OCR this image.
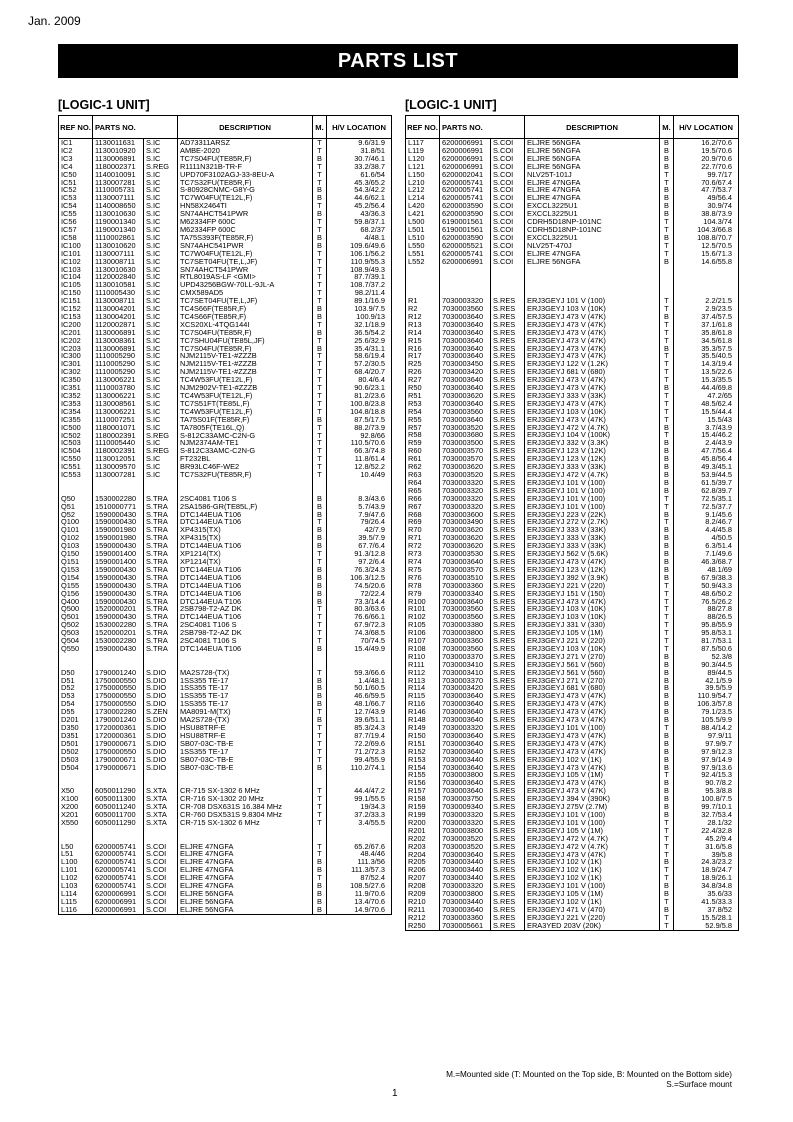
Jan. 2009
PARTS LIST
[LOGIC-1 UNIT]	[LOGIC-1 UNIT]
REF NO.	PARTS NO.		DESCRIPTION	M.	H/V LOCATION
IC1	1130011631	S.IC	AD73311ARSZ	T	9.6/31.9
IC2	1130010920	S.IC	AMBE-2020	T	31.8/51
IC3	1130006891	S.IC	TC7S04FU(TE85R,F)	B	30.7/46.1
IC4	1180002371	S.REG	R1111N321B-TR-F	T	33.2/38.7
IC50	1140010091	S.IC	UPD70F3102AGJ-33-8EU-A	T	61.6/54
IC51	1130007281	S.IC	TC7S32FU(TE85R,F)	T	45.3/65.2
IC52	1110005731	S.IC	S-80928CNMC-G8Y-G	B	54.3/42.2
IC53	1130007111	S.IC	TC7W04FU(TE12L,F)	B	44.6/62.1
IC54	1140008650	S.IC	HN58X2464TI	T	45.2/56.4
IC55	1130010630	S.IC	SN74AHCT541PWR	B	43/36.3
IC56	1190001340	S.IC	M62334FP 600C	T	59.8/37.1
IC57	1190001340	S.IC	M62334FP 600C	T	68.2/37
IC58	1110002861	S.IC	TA75S393F(TE85R,F)	B	4/48.1
IC100	1130010620	S.IC	SN74AHC541PWR	B	109.6/49.6
IC101	1130007111	S.IC	TC7W04FU(TE12L,F)	T	106.1/56.2
IC102	1130008711	S.IC	TC7SET04FU(TE,L,JF)	T	110.9/55.3
IC103	1130010630	S.IC	SN74AHCT541PWR	T	108.9/49.3
IC104	1120002840	S.IC	RTL8019AS-LF <GMI>	T	87.7/39.1
IC105	1130010581	S.IC	UPD43256BGW-70LL-9JL-A	T	108.7/37.2
IC150	1110005430	S.IC	CMX589AD5	T	98.2/11.4
IC151	1130008711	S.IC	TC7SET04FU(TE,L,JF)	T	89.1/16.9
IC152	1130004201	S.IC	TC4S66F(TE85R,F)	B	103.9/7.5
IC153	1130004201	S.IC	TC4S66F(TE85R,F)	B	100.9/13
IC200	1120002871	S.IC	XCS20XL-4TQG144I	T	32.1/18.9
IC201	1130006891	S.IC	TC7S04FU(TE85R,F)	B	36.5/54.2
IC202	1130008361	S.IC	TC7SHU04FU(TE85L,JF)	T	25.6/32.9
IC203	1130006891	S.IC	TC7S04FU(TE85R,F)	B	35.4/31.1
IC300	1110005290	S.IC	NJM2115V-TE1-#ZZZB	T	58.6/19.4
IC301	1110005290	S.IC	NJM2115V-TE1-#ZZZB	T	57.2/30.5
IC302	1110005290	S.IC	NJM2115V-TE1-#ZZZB	T	68.4/20.7
IC350	1130006221	S.IC	TC4W53FU(TE12L,F)	T	80.4/6.4
IC351	1110003780	S.IC	NJM2902V-TE1-#ZZZB	T	90.6/23.1
IC352	1130006221	S.IC	TC4W53FU(TE12L,F)	T	81.2/23.6
IC353	1130008561	S.IC	TC7S51FT(TE85L,F)	T	100.8/23.8
IC354	1130006221	S.IC	TC4W53FU(TE12L,F)	T	104.8/18.8
IC355	1110007251	S.IC	TA75S01F(TE85R,F)	B	87.5/17.5
IC500	1180001071	S.IC	TA7805F(TE16L,Q)	T	88.2/73.9
IC502	1180002391	S.REG	S-812C33AMC-C2N-G	T	92.8/66
IC503	1110005440	S.IC	NJM2374AM-TE1	T	110.5/70.6
IC504	1180002391	S.REG	S-812C33AMC-C2N-G	T	66.3/74.8
IC550	1130012051	S.IC	FT232BL	T	11.8/61.4
IC551	1130009570	S.IC	BR93LC46F-WE2	T	12.8/52.2
IC553	1130007281	S.IC	TC7S32FU(TE85R,F)	T	10.4/49

Q50	1530002280	S.TRA	2SC4081 T106 S	B	8.3/43.6
Q51	1510000771	S.TRA	2SA1586-GR(TE85L,F)	B	5.7/43.9
Q52	1590000430	S.TRA	DTC144EUA T106	B	7.9/47.6
Q100	1590000430	S.TRA	DTC144EUA T106	T	79/26.4
Q101	1590001980	S.TRA	XP4315(TX)	B	42/7.9
Q102	1590001980	S.TRA	XP4315(TX)	B	39.5/7.9
Q103	1590000430	S.TRA	DTC144EUA T106	B	67.7/6.4
Q150	1590001400	S.TRA	XP1214(TX)	T	91.3/12.8
Q151	1590001400	S.TRA	XP1214(TX)	T	97.2/6.4
Q153	1590000430	S.TRA	DTC144EUA T106	B	76.3/24.3
Q154	1590000430	S.TRA	DTC144EUA T106	B	106.3/12.5
Q155	1590000430	S.TRA	DTC144EUA T106	B	74.5/20.6
Q156	1590000430	S.TRA	DTC144EUA T106	B	72/22.4
Q400	1590000430	S.TRA	DTC144EUA T106	B	73.3/14.4
Q500	1520000201	S.TRA	2SB798-T2-AZ DK	T	80.3/63.6
Q501	1590000430	S.TRA	DTC144EUA T106	T	76.6/66.1
Q502	1530002280	S.TRA	2SC4081 T106 S	T	67.9/72.3
Q503	1520000201	S.TRA	2SB798-T2-AZ DK	T	74.3/68.5
Q504	1530002280	S.TRA	2SC4081 T106 S	T	70/74.5
Q550	1590000430	S.TRA	DTC144EUA T106	B	15.4/49.9

D50	1790001240	S.DIO	MA2S728-(TX)	T	59.3/66.6
D51	1750000550	S.DIO	1SS355 TE-17	B	1.4/48.1
D52	1750000550	S.DIO	1SS355 TE-17	B	50.1/60.5
D53	1750000550	S.DIO	1SS355 TE-17	B	46.6/59.5
D54	1750000550	S.DIO	1SS355 TE-17	B	48.1/66.7
D55	1730002280	S.ZEN	MA8091-M(TX)	T	12.7/43.9
D201	1790001240	S.DIO	MA2S728-(TX)	B	39.6/51.1
D350	1720000361	S.DIO	HSU88TRF-E	T	85.3/24.3
D351	1720000361	S.DIO	HSU88TRF-E	T	87.7/19.4
D501	1790000671	S.DIO	SB07-03C-TB-E	T	72.2/69.6
D502	1750000550	S.DIO	1SS355 TE-17	T	71.2/72.3
D503	1790000671	S.DIO	SB07-03C-TB-E	T	99.4/55.9
D504	1790000671	S.DIO	SB07-03C-TB-E	B	110.2/74.1

X50	6050011290	S.XTA	CR-715 SX-1302 6 MHz	T	44.4/47.2
X100	6050011300	S.XTA	CR-716 SX-1302 20 MHz	T	99.1/55.5
X200	6050011240	S.XTA	CR-708 DSX631S 16.384 MHz	T	19/34.3
X201	6050011700	S.XTA	CR-760 DSX531S 9.8304 MHz	T	37.2/33.3
X550	6050011290	S.XTA	CR-715 SX-1302 6 MHz	T	3.4/55.5

L50	6200005741	S.COI	ELJRE 47NGFA	T	65.2/67.6
L51	6200005741	S.COI	ELJRE 47NGFA	T	48.4/46
L100	6200005741	S.COI	ELJRE 47NGFA	B	111.3/56
L101	6200005741	S.COI	ELJRE 47NGFA	B	111.3/57.3
L102	6200005741	S.COI	ELJRE 47NGFA	T	87/52.4
L103	6200005741	S.COI	ELJRE 47NGFA	B	108.5/27.6
L114	6200006991	S.COI	ELJRE 56NGFA	B	11.9/70.6
L115	6200006991	S.COI	ELJRE 56NGFA	B	13.4/70.6
L116	6200006991	S.COI	ELJRE 56NGFA	B	14.9/70.6
REF NO.	PARTS NO.		DESCRIPTION	M.	H/V LOCATION
L117	6200006991	S.COI	ELJRE 56NGFA	B	16.2/70.6
L119	6200006991	S.COI	ELJRE 56NGFA	B	19.5/70.6
L120	6200006991	S.COI	ELJRE 56NGFA	B	20.9/70.6
L121	6200006991	S.COI	ELJRE 56NGFA	B	22.7/70.6
L150	6200002041	S.COI	NLV25T-101J	T	99.7/17
L210	6200005741	S.COI	ELJRE 47NGFA	T	70.6/67.4
L212	6200005741	S.COI	ELJRE 47NGFA	B	47.7/53.7
L214	6200005741	S.COI	ELJRE 47NGFA	B	49/56.4
L420	6200003590	S.COI	EXCCL3225U1	B	30.9/74
L421	6200003590	S.COI	EXCCL3225U1	B	38.8/73.9
L500	6190001561	S.COI	CDRH5D18NP-101NC	T	104.3/74
L501	6190001561	S.COI	CDRH5D18NP-101NC	T	104.3/66.8
L510	6200003590	S.COI	EXCCL3225U1	B	108.8/70.7
L550	6200005521	S.COI	NLV25T-470J	T	12.5/70.5
L551	6200005741	S.COI	ELJRE 47NGFA	T	15.6/71.3
L552	6200006991	S.COI	ELJRE 56NGFA	B	14.6/55.8

R1	7030003320	S.RES	ERJ3GEYJ 101 V (100)	T	2.2/21.5
R2	7030003560	S.RES	ERJ3GEYJ 103 V (10K)	T	2.9/23.5
R12	7030003640	S.RES	ERJ3GEYJ 473 V (47K)	B	37.4/57.5
R13	7030003640	S.RES	ERJ3GEYJ 473 V (47K)	T	37.1/61.8
R14	7030003640	S.RES	ERJ3GEYJ 473 V (47K)	T	35.8/61.8
R15	7030003640	S.RES	ERJ3GEYJ 473 V (47K)	T	34.5/61.8
R16	7030003640	S.RES	ERJ3GEYJ 473 V (47K)	B	35.3/57.5
R17	7030003640	S.RES	ERJ3GEYJ 473 V (47K)	T	35.5/40.5
R25	7030003450	S.RES	ERJ3GEYJ 122 V (1.2K)	T	14.3/19.4
R26	7030003420	S.RES	ERJ3GEYJ 681 V (680)	T	13.5/22.6
R27	7030003640	S.RES	ERJ3GEYJ 473 V (47K)	T	15.3/35.5
R50	7030003640	S.RES	ERJ3GEYJ 473 V (47K)	B	44.4/69.8
R51	7030003620	S.RES	ERJ3GEYJ 333 V (33K)	T	47.2/65
R53	7030003640	S.RES	ERJ3GEYJ 473 V (47K)	T	48.5/62.4
R54	7030003560	S.RES	ERJ3GEYJ 103 V (10K)	T	15.5/44.4
R55	7030003640	S.RES	ERJ3GEYJ 473 V (47K)	T	15.5/43
R57	7030003520	S.RES	ERJ3GEYJ 472 V (4.7K)	B	3.7/43.9
R58	7030003680	S.RES	ERJ3GEYJ 104 V (100K)	T	15.4/46.2
R59	7030003500	S.RES	ERJ3GEYJ 332 V (3.3K)	B	2.4/43.9
R60	7030003570	S.RES	ERJ3GEYJ 123 V (12K)	B	47.7/56.4
R61	7030003570	S.RES	ERJ3GEYJ 123 V (12K)	B	45.8/56.4
R62	7030003620	S.RES	ERJ3GEYJ 333 V (33K)	B	49.3/45.1
R63	7030003520	S.RES	ERJ3GEYJ 472 V (4.7K)	B	53.9/44.5
R64	7030003320	S.RES	ERJ3GEYJ 101 V (100)	B	61.5/39.7
R65	7030003320	S.RES	ERJ3GEYJ 101 V (100)	B	62.8/39.7
R66	7030003320	S.RES	ERJ3GEYJ 101 V (100)	T	72.5/35.1
R67	7030003320	S.RES	ERJ3GEYJ 101 V (100)	T	72.5/37.7
R68	7030003600	S.RES	ERJ3GEYJ 223 V (22K)	B	9.1/45.6
R69	7030003490	S.RES	ERJ3GEYJ 272 V (2.7K)	T	8.2/46.7
R70	7030003620	S.RES	ERJ3GEYJ 333 V (33K)	B	4.4/45.8
R71	7030003620	S.RES	ERJ3GEYJ 333 V (33K)	B	4/50.5
R72	7030003620	S.RES	ERJ3GEYJ 333 V (33K)	B	6.3/51.4
R73	7030003530	S.RES	ERJ3GEYJ 562 V (5.6K)	B	7.1/49.6
R74	7030003640	S.RES	ERJ3GEYJ 473 V (47K)	B	46.3/68.7
R75	7030003570	S.RES	ERJ3GEYJ 123 V (12K)	B	48.1/69
R76	7030003510	S.RES	ERJ3GEYJ 392 V (3.9K)	B	67.9/38.3
R78	7030003360	S.RES	ERJ3GEYJ 221 V (220)	T	50.9/43.3
R79	7030003340	S.RES	ERJ3GEYJ 151 V (150)	T	48.6/50.2
R100	7030003640	S.RES	ERJ3GEYJ 473 V (47K)	T	76.5/26.2
R101	7030003560	S.RES	ERJ3GEYJ 103 V (10K)	T	88/27.8
R102	7030003560	S.RES	ERJ3GEYJ 103 V (10K)	T	88/26.5
R105	7030003380	S.RES	ERJ3GEYJ 331 V (330)	T	95.8/55.9
R106	7030003800	S.RES	ERJ3GEYJ 105 V (1M)	T	95.8/53.1
R107	7030003360	S.RES	ERJ3GEYJ 221 V (220)	T	81.7/53.1
R108	7030003560	S.RES	ERJ3GEYJ 103 V (10K)	T	87.5/50.6
R110	7030003370	S.RES	ERJ3GEYJ 271 V (270)	B	52.3/8
R111	7030003410	S.RES	ERJ3GEYJ 561 V (560)	B	90.3/44.5
R112	7030003410	S.RES	ERJ3GEYJ 561 V (560)	B	89/44.5
R113	7030003370	S.RES	ERJ3GEYJ 271 V (270)	B	42.1/5.9
R114	7030003420	S.RES	ERJ3GEYJ 681 V (680)	B	39.5/5.9
R115	7030003640	S.RES	ERJ3GEYJ 473 V (47K)	B	110.9/54.7
R116	7030003640	S.RES	ERJ3GEYJ 473 V (47K)	B	106.3/57.8
R146	7030003640	S.RES	ERJ3GEYJ 473 V (47K)	B	79.1/23.5
R148	7030003640	S.RES	ERJ3GEYJ 473 V (47K)	B	105.5/9.9
R149	7030003320	S.RES	ERJ3GEYJ 101 V (100)	T	88.4/14.2
R150	7030003640	S.RES	ERJ3GEYJ 473 V (47K)	B	97.9/11
R151	7030003640	S.RES	ERJ3GEYJ 473 V (47K)	B	97.9/9.7
R152	7030003640	S.RES	ERJ3GEYJ 473 V (47K)	B	97.9/12.3
R153	7030003440	S.RES	ERJ3GEYJ 102 V (1K)	B	97.9/14.9
R154	7030003640	S.RES	ERJ3GEYJ 473 V (47K)	B	97.9/13.6
R155	7030003800	S.RES	ERJ3GEYJ 105 V (1M)	T	92.4/15.3
R156	7030003640	S.RES	ERJ3GEYJ 473 V (47K)	B	90.7/8.2
R157	7030003640	S.RES	ERJ3GEYJ 473 V (47K)	B	95.3/8.8
R158	7030003750	S.RES	ERJ3GEYJ 394 V (390K)	B	100.8/7.5
R159	7030009340	S.RES	ERJ3GEYJ 275V (2.7M)	B	99.7/10.1
R199	7030003320	S.RES	ERJ3GEYJ 101 V (100)	B	32.7/53.4
R200	7030003320	S.RES	ERJ3GEYJ 101 V (100)	T	28.1/32
R201	7030003800	S.RES	ERJ3GEYJ 105 V (1M)	T	22.4/32.8
R202	7030003520	S.RES	ERJ3GEYJ 472 V (4.7K)	T	45.2/9.4
R203	7030003520	S.RES	ERJ3GEYJ 472 V (4.7K)	T	31.6/5.8
R204	7030003640	S.RES	ERJ3GEYJ 473 V (47K)	T	39/5.8
R205	7030003440	S.RES	ERJ3GEYJ 102 V (1K)	B	24.3/23.2
R206	7030003440	S.RES	ERJ3GEYJ 102 V (1K)	T	18.9/24.7
R207	7030003440	S.RES	ERJ3GEYJ 102 V (1K)	T	18.9/26.1
R208	7030003320	S.RES	ERJ3GEYJ 101 V (100)	B	34.8/34.8
R209	7030003800	S.RES	ERJ3GEYJ 105 V (1M)	B	35.6/33
R210	7030003440	S.RES	ERJ3GEYJ 102 V (1K)	T	41.5/33.3
R211	7030003640	S.RES	ERJ3GEYJ 471 V (470)	B	37.8/52
R212	7030003360	S.RES	ERJ3GEYJ 221 V (220)	T	15.5/28.1
R250	7030005661	S.RES	ERA3YED 203V (20K)	T	52.9/5.8
M.=Mounted side (T: Mounted on the Top side, B: Mounted on the Bottom side)
S.=Surface mount
1
